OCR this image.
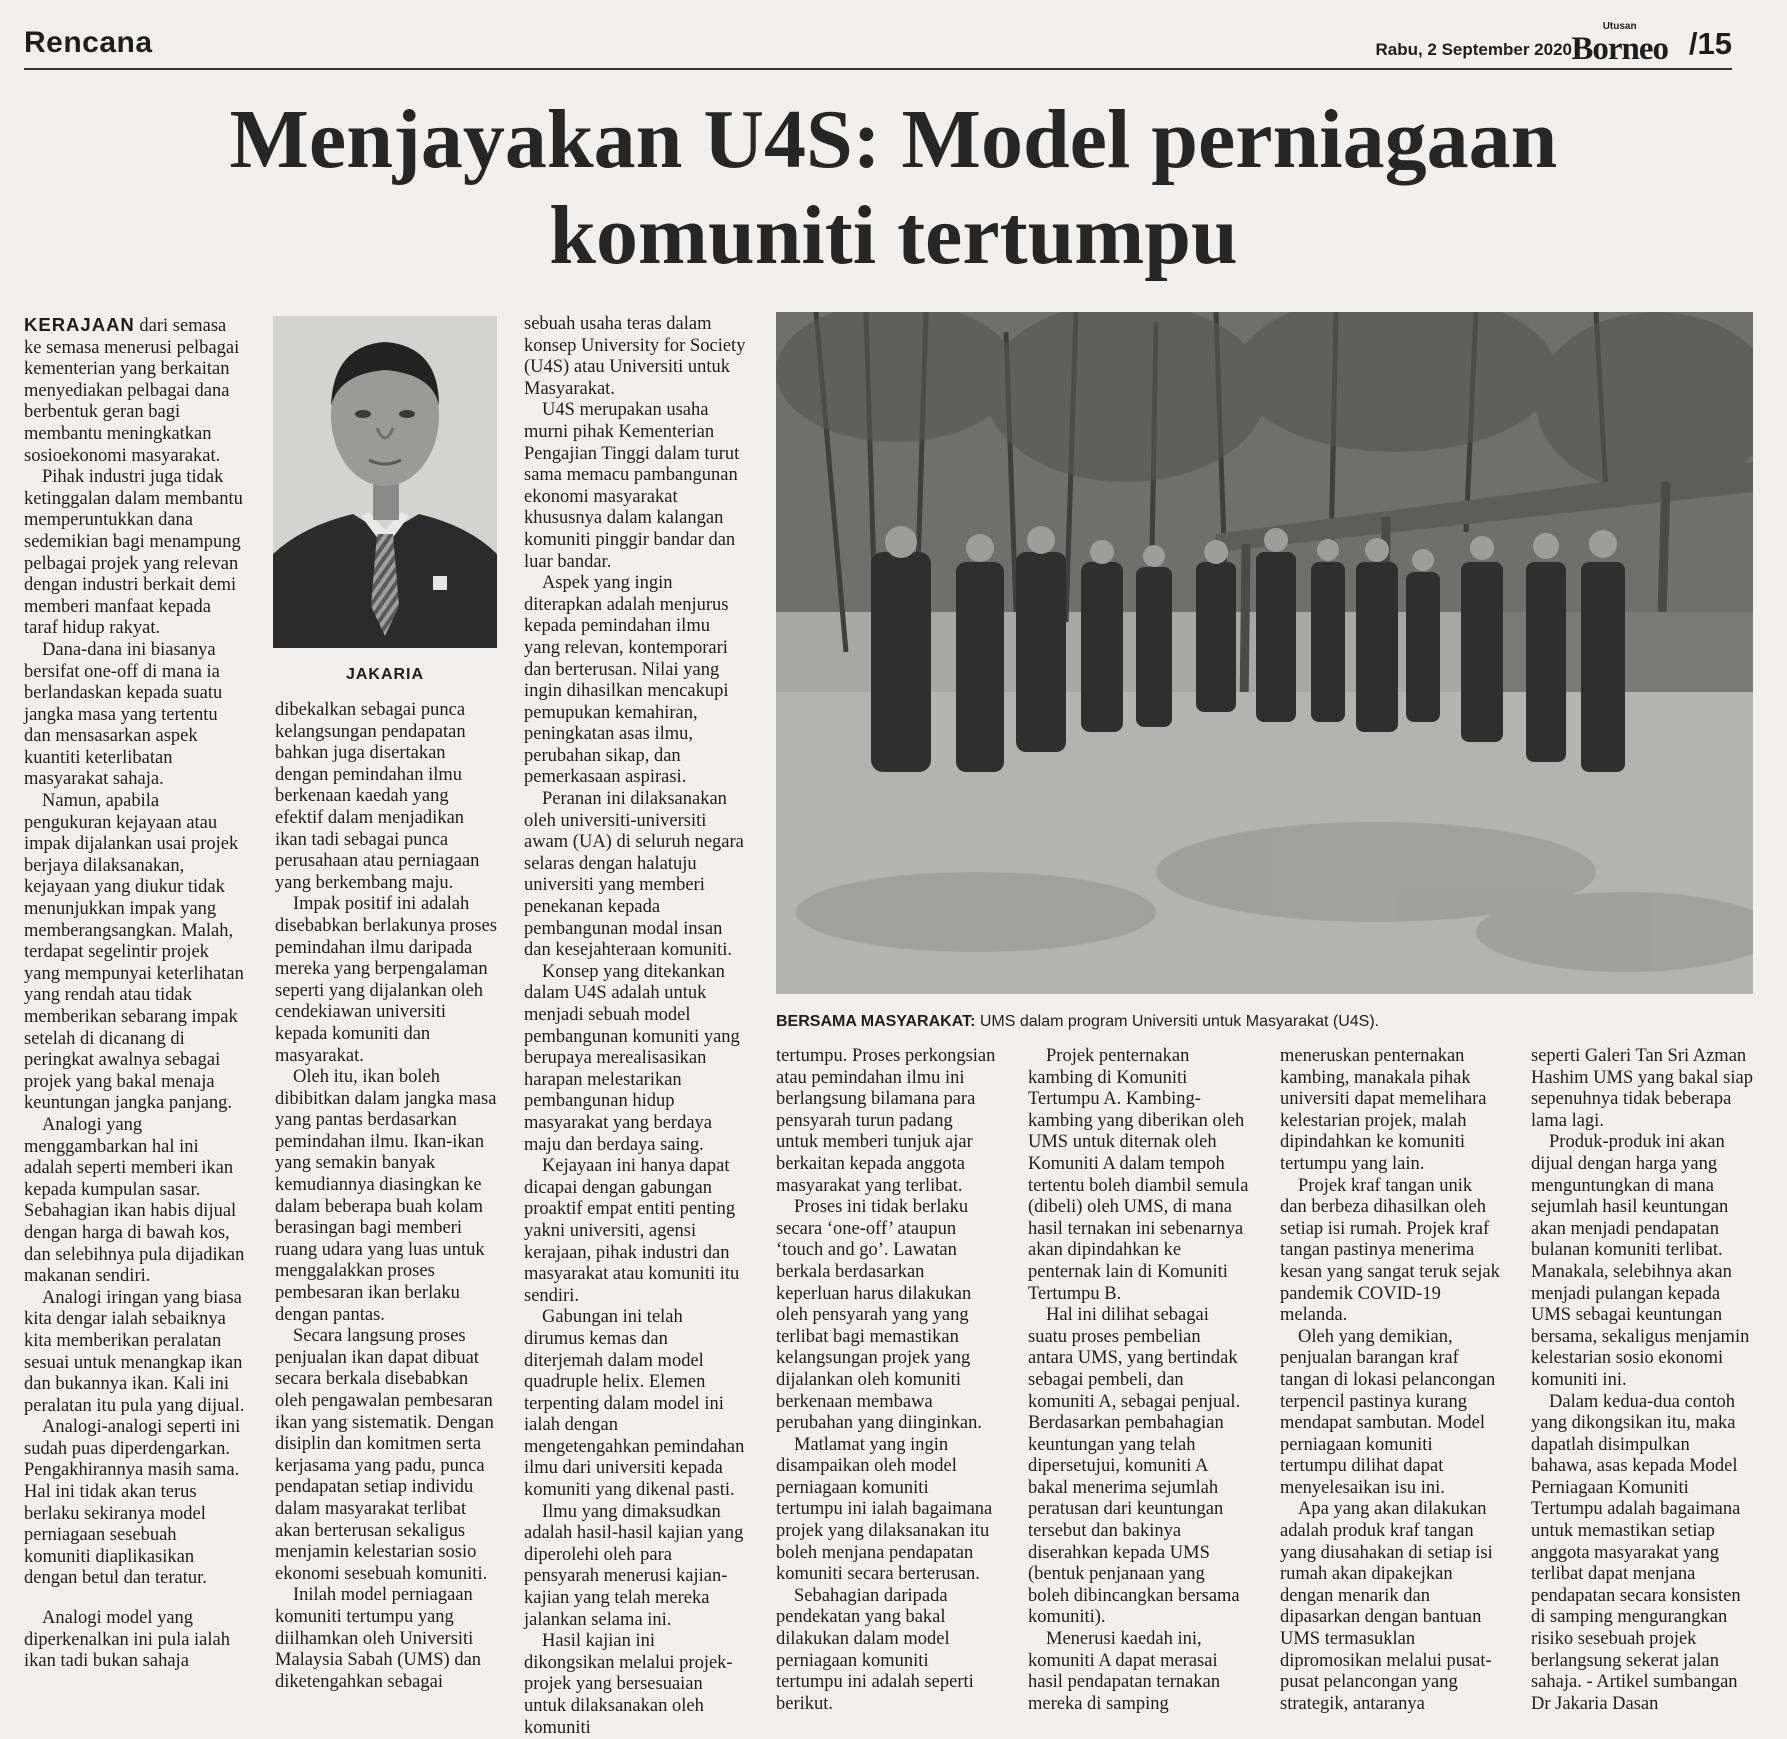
Rencana	Rabu, 2 September 2020
Utusan
Borneo /15
Menjayakan U4S: Model perniagaan
komuniti tertumpu

KERAJAAN dari semasa ke semasa menerusi pelbagai kementerian yang berkaitan menyediakan pelbagai dana berbentuk geran bagi membantu meningkatkan sosioekonomi masyarakat.

Pihak industri juga tidak ketinggalan dalam membantu memperuntukkan dana sedemikian bagi menampung pelbagai projek yang relevan dengan industri berkait demi memberi manfaat kepada taraf hidup rakyat.

Dana-dana ini biasanya bersifat one-off di mana ia berlandaskan kepada suatu jangka masa yang tertentu dan mensasarkan aspek kuantiti keterlibatan masyarakat sahaja.

Namun, apabila pengukuran kejayaan atau impak dijalankan usai projek berjaya dilaksanakan, kejayaan yang diukur tidak menunjukkan impak yang memberangsangkan. Malah, terdapat segelintir projek yang mempunyai keterlihatan yang rendah atau tidak memberikan sebarang impak setelah di dicanang di peringkat awalnya sebagai projek yang bakal menaja keuntungan jangka panjang.

Analogi yang menggambarkan hal ini adalah seperti memberi ikan kepada kumpulan sasar. Sebahagian ikan habis dijual dengan harga di bawah kos, dan selebihnya pula dijadikan makanan sendiri.

Analogi iringan yang biasa kita dengar ialah sebaiknya kita memberikan peralatan sesuai untuk menangkap ikan dan bukannya ikan. Kali ini peralatan itu pula yang dijual.

Analogi-analogi seperti ini sudah puas diperdengarkan. Pengakhirannya masih sama. Hal ini tidak akan terus berlaku sekiranya model perniagaan sesebuah komuniti diaplikasikan dengan betul dan teratur.

Analogi model yang diperkenalkan ini pula ialah ikan tadi bukan sahaja

JAKARIA

dibekalkan sebagai punca kelangsungan pendapatan bahkan juga disertakan dengan pemindahan ilmu berkenaan kaedah yang efektif dalam menjadikan ikan tadi sebagai punca perusahaan atau perniagaan yang berkembang maju.

Impak positif ini adalah disebabkan berlakunya proses pemindahan ilmu daripada mereka yang berpengalaman seperti yang dijalankan oleh cendekiawan universiti kepada komuniti dan masyarakat.

Oleh itu, ikan boleh dibibitkan dalam jangka masa yang pantas berdasarkan pemindahan ilmu. Ikan-ikan yang semakin banyak kemudiannya diasingkan ke dalam beberapa buah kolam berasingan bagi memberi ruang udara yang luas untuk menggalakkan proses pembesaran ikan berlaku dengan pantas.

Secara langsung proses penjualan ikan dapat dibuat secara berkala disebabkan oleh pengawalan pembesaran ikan yang sistematik. Dengan disiplin dan komitmen serta kerjasama yang padu, punca pendapatan setiap individu dalam masyarakat terlibat akan berterusan sekaligus menjamin kelestarian sosio ekonomi sesebuah komuniti.

Inilah model perniagaan komuniti tertumpu yang diilhamkan oleh Universiti Malaysia Sabah (UMS) dan diketengahkan sebagai

sebuah usaha teras dalam konsep University for Society (U4S) atau Universiti untuk Masyarakat.

U4S merupakan usaha murni pihak Kementerian Pengajian Tinggi dalam turut sama memacu pambangunan ekonomi masyarakat khususnya dalam kalangan komuniti pinggir bandar dan luar bandar.

Aspek yang ingin diterapkan adalah menjurus kepada pemindahan ilmu yang relevan, kontemporari dan berterusan. Nilai yang ingin dihasilkan mencakupi pemupukan kemahiran, peningkatan asas ilmu, perubahan sikap, dan pemerkasaan aspirasi.

Peranan ini dilaksanakan oleh universiti-universiti awam (UA) di seluruh negara selaras dengan halatuju universiti yang memberi penekanan kepada pembangunan modal insan dan kesejahteraan komuniti.

Konsep yang ditekankan dalam U4S adalah untuk menjadi sebuah model pembangunan komuniti yang berupaya merealisasikan harapan melestarikan pembangunan hidup masyarakat yang berdaya maju dan berdaya saing.

Kejayaan ini hanya dapat dicapai dengan gabungan proaktif empat entiti penting yakni universiti, agensi kerajaan, pihak industri dan masyarakat atau komuniti itu sendiri.

Gabungan ini telah dirumus kemas dan diterjemah dalam model quadruple helix. Elemen terpenting dalam model ini ialah dengan mengetengahkan pemindahan ilmu dari universiti kepada komuniti yang dikenal pasti.

Ilmu yang dimaksudkan adalah hasil-hasil kajian yang diperolehi oleh para pensyarah menerusi kajian-kajian yang telah mereka jalankan selama ini.

Hasil kajian ini dikongsikan melalui projek-projek yang bersesuaian untuk dilaksanakan oleh komuniti

BERSAMA MASYARAKAT: UMS dalam program Universiti untuk Masyarakat (U4S).

tertumpu. Proses perkongsian atau pemindahan ilmu ini berlangsung bilamana para pensyarah turun padang untuk memberi tunjuk ajar berkaitan kepada anggota masyarakat yang terlibat.

Proses ini tidak berlaku secara ‘one-off’ ataupun ‘touch and go’. Lawatan berkala berdasarkan keperluan harus dilakukan oleh pensyarah yang yang terlibat bagi memastikan kelangsungan projek yang dijalankan oleh komuniti berkenaan membawa perubahan yang diinginkan.

Matlamat yang ingin disampaikan oleh model perniagaan komuniti tertumpu ini ialah bagaimana projek yang dilaksanakan itu boleh menjana pendapatan komuniti secara berterusan.

Sebahagian daripada pendekatan yang bakal dilakukan dalam model perniagaan komuniti tertumpu ini adalah seperti berikut.

Projek penternakan kambing di Komuniti Tertumpu A. Kambing-kambing yang diberikan oleh UMS untuk diternak oleh Komuniti A dalam tempoh tertentu boleh diambil semula (dibeli) oleh UMS, di mana hasil ternakan ini sebenarnya akan dipindahkan ke penternak lain di Komuniti Tertumpu B.

Hal ini dilihat sebagai suatu proses pembelian antara UMS, yang bertindak sebagai pembeli, dan komuniti A, sebagai penjual. Berdasarkan pembahagian keuntungan yang telah dipersetujui, komuniti A bakal menerima sejumlah peratusan dari keuntungan tersebut dan bakinya diserahkan kepada UMS (bentuk penjanaan yang boleh dibincangkan bersama komuniti).

Menerusi kaedah ini, komuniti A dapat merasai hasil pendapatan ternakan mereka di samping

meneruskan penternakan kambing, manakala pihak universiti dapat memelihara kelestarian projek, malah dipindahkan ke komuniti tertumpu yang lain.

Projek kraf tangan unik dan berbeza dihasilkan oleh setiap isi rumah. Projek kraf tangan pastinya menerima kesan yang sangat teruk sejak pandemik COVID-19 melanda.

Oleh yang demikian, penjualan barangan kraf tangan di lokasi pelancongan terpencil pastinya kurang mendapat sambutan. Model perniagaan komuniti tertumpu dilihat dapat menyelesaikan isu ini.

Apa yang akan dilakukan adalah produk kraf tangan yang diusahakan di setiap isi rumah akan dipakejkan dengan menarik dan dipasarkan dengan bantuan UMS termasuklan dipromosikan melalui pusat-pusat pelancongan yang strategik, antaranya

seperti Galeri Tan Sri Azman Hashim UMS yang bakal siap sepenuhnya tidak beberapa lama lagi.

Produk-produk ini akan dijual dengan harga yang menguntungkan di mana sejumlah hasil keuntungan akan menjadi pendapatan bulanan komuniti terlibat. Manakala, selebihnya akan menjadi pulangan kepada UMS sebagai keuntungan bersama, sekaligus menjamin kelestarian sosio ekonomi komuniti ini.

Dalam kedua-dua contoh yang dikongsikan itu, maka dapatlah disimpulkan bahawa, asas kepada Model Perniagaan Komuniti Tertumpu adalah bagaimana untuk memastikan setiap anggota masyarakat yang terlibat dapat menjana pendapatan secara konsisten di samping mengurangkan risiko sesebuah projek berlangsung sekerat jalan sahaja. - Artikel sumbangan Dr Jakaria Dasan
